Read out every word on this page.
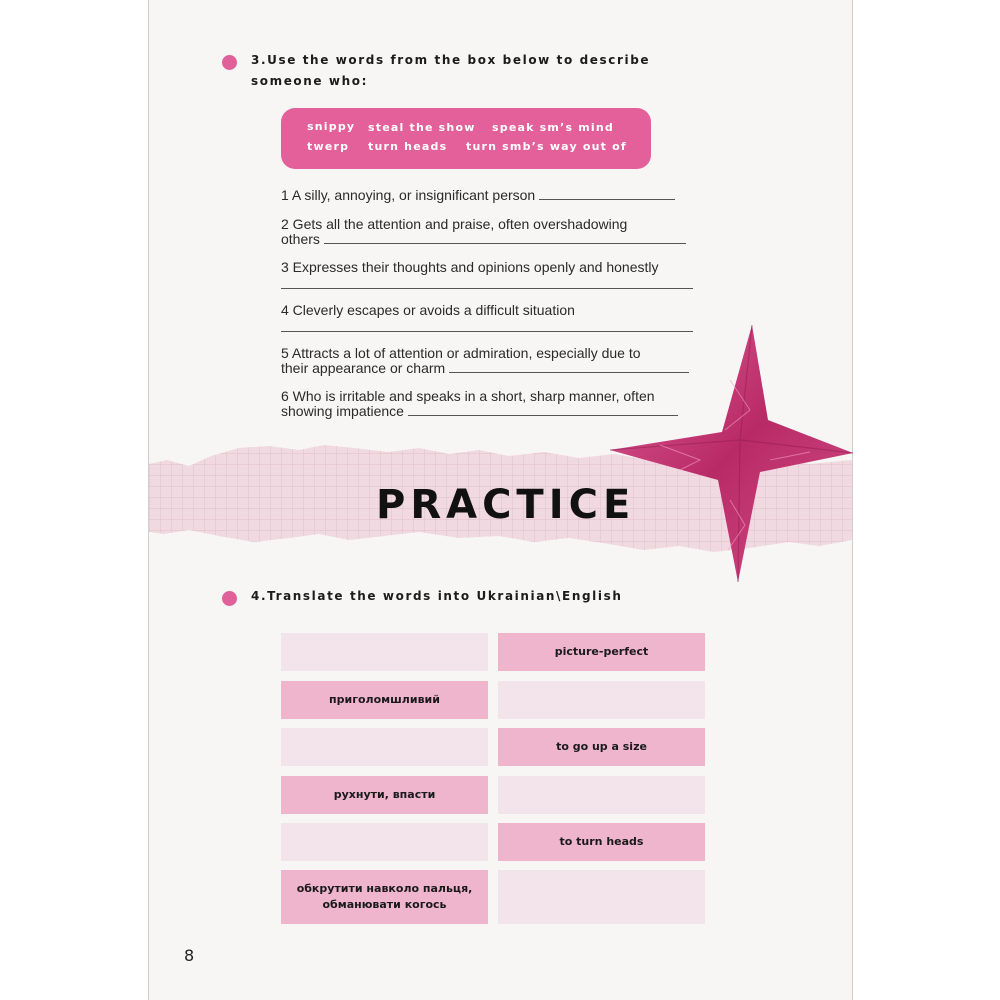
3.Use the words from the box below to describe
someone who:
snippy steal the show speak sm’s mind
twerp turn heads turn smb’s way out of
1 A silly, annoying, or insignificant person
2 Gets all the attention and praise, often overshadowing
others
3 Expresses their thoughts and opinions openly and honestly
4 Cleverly escapes or avoids a difficult situation
5 Attracts a lot of attention or admiration, especially due to
their appearance or charm
6 Who is irritable and speaks in a short, sharp manner, often
showing impatience
PRACTICE
4.Translate the words into Ukrainian\English
picture-perfect
приголомшливий
to go up a size
рухнути, впасти
to turn heads
обкрутити навколо пальця,
обманювати когось
8
